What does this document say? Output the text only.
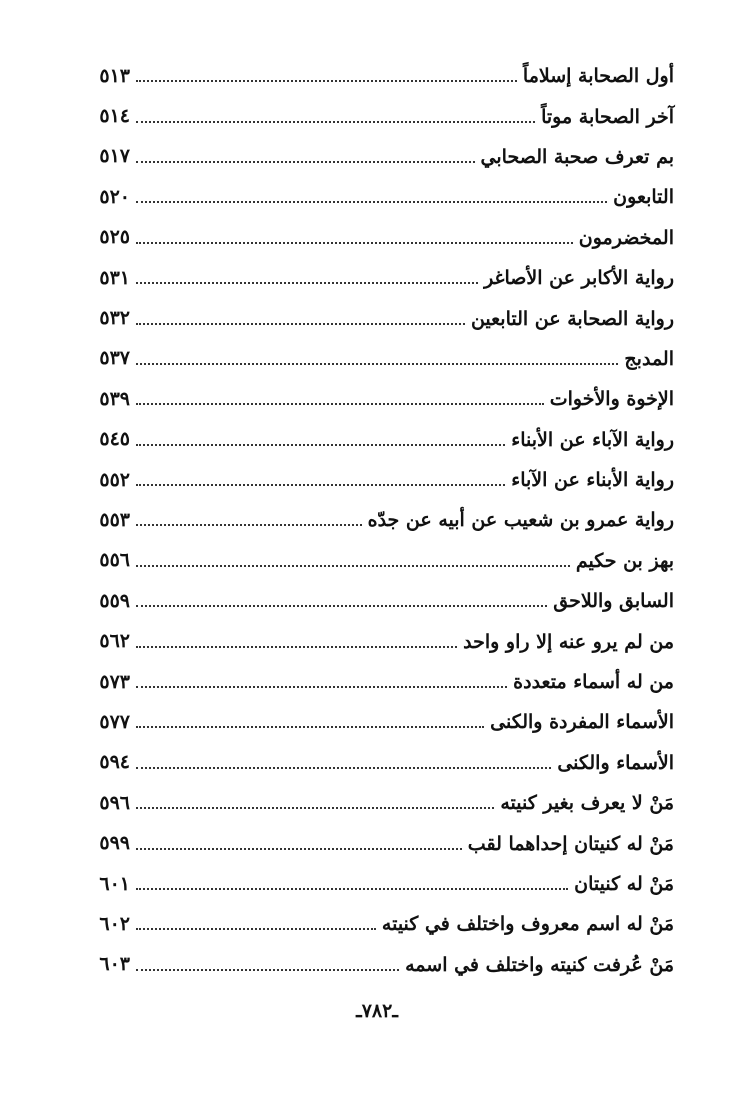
٥١٣	أول الصحابة إسلاماً
٥١٤	آخر الصحابة موتاً
٥١٧	بم تعرف صحبة الصحابي
٥٢٠	التابعون
٥٢٥	المخضرمون
٥٣١	رواية الأكابر عن الأصاغر
٥٣٢	رواية الصحابة عن التابعين
٥٣٧	المدبج
٥٣٩	الإخوة والأخوات
٥٤٥	رواية الآباء عن الأبناء
٥٥٢	رواية الأبناء عن الآباء
٥٥٣	رواية عمرو بن شعيب عن أبيه عن جدّه
٥٥٦	بهز بن حكيم
٥٥٩	السابق واللاحق
٥٦٢	من لم يرو عنه إلا راو واحد
٥٧٣	من له أسماء متعددة
٥٧٧	الأسماء المفردة والكنى
٥٩٤	الأسماء والكنى
٥٩٦	مَنْ لا يعرف بغير كنيته
٥٩٩	مَنْ له كنيتان إحداهما لقب
٦٠١	مَنْ له كنيتان
٦٠٢	مَنْ له اسم معروف واختلف في كنيته
٦٠٣	مَنْ عُرفت كنيته واختلف في اسمه
ـ٧٨٢ـ
